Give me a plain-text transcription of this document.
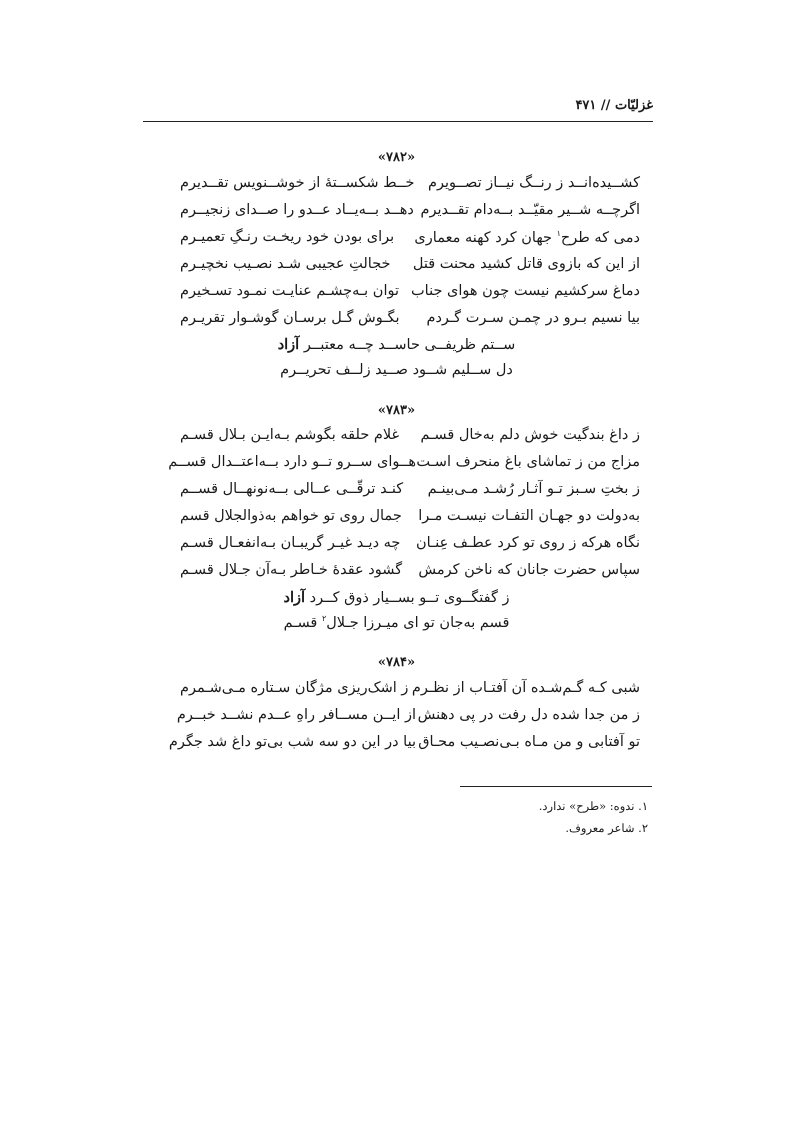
غزلیّات // ۴۷۱
«۷۸۲»
کشــیده‌انــد ز رنــگ نیــاز تصــویرم
خــط شکســتهٔ از خوشــنویس تقــدیرم
اگرچــه شــیر مقیّــد بــه‌دام تقــدیرم
دهــد بــه‌یــاد عــدو را صــدای زنجیــرم
دمی که طرح$^۱$ جهان کرد کهنه معماری
برای بودن خود ریخـت رنـگِ تعمیـرم
از این که بازوی قاتل کشید محنت قتل
خجالتِ عجیبی شـد نصـیب نخچیـرم
دماغ سرکشیم نیست چون هوای جناب
توان بـه‌چشـم عنایـت نمـود تسـخیرم
بیا نسیم بـرو در چمـن سـرت گـردم
بگـوش گـل برسـان گوشـوار تقریـرم
ســتم ظریفــی حاســد چــه معتبــر آزاد
دل ســلیم شــود صــید زلــف تحریــرم
«۷۸۳»
ز داغ بندگیت خوش دلم به‌خال قسـم
غلام حلقه بگوشم بـه‌ایـن بـلال قسـم
مزاج من ز تماشای باغ منحرف اسـت
هــوای ســرو تــو دارد بــه‌اعتــدال قســم
ز بختِ سـبز تـو آثـار رُشـد مـی‌بینـم
کنـد ترقّــی عــالی بــه‌نونهــال قســم
به‌دولت دو جهـان التفـات نیسـت مـرا
جمال روی تو خواهم به‌ذوالجلال قسم
نگاه هرکه ز روی تو کرد عطـف عِنـان
چه دیـد غیـر گریبـان بـه‌انفعـال قسـم
سپاس حضرت جانان که ناخن کرمش
گشود عقدهٔ خـاطر بـه‌آن جـلال قسـم
ز گفتگــوی تــو بســیار ذوق کــرد آزاد
قسم به‌جان تو ای میـرزا جـلال$^۲$ قسـم
«۷۸۴»
شبی کـه گـم‌شـده آن آفتـاب از نظـرم
ز اشک‌ریزی مژگان سـتاره مـی‌شـمرم
ز من جدا شده دل رفت در پی دهنش
از ایــن مســافر راهِ عــدم نشــد خبــرم
تو آفتابی و من مـاه بـی‌نصـیب محـاق
بیا در این دو سه شب بی‌تو داغ شد جگرم
۱. ندوه: «طرح» ندارد.
۲. شاعر معروف.
